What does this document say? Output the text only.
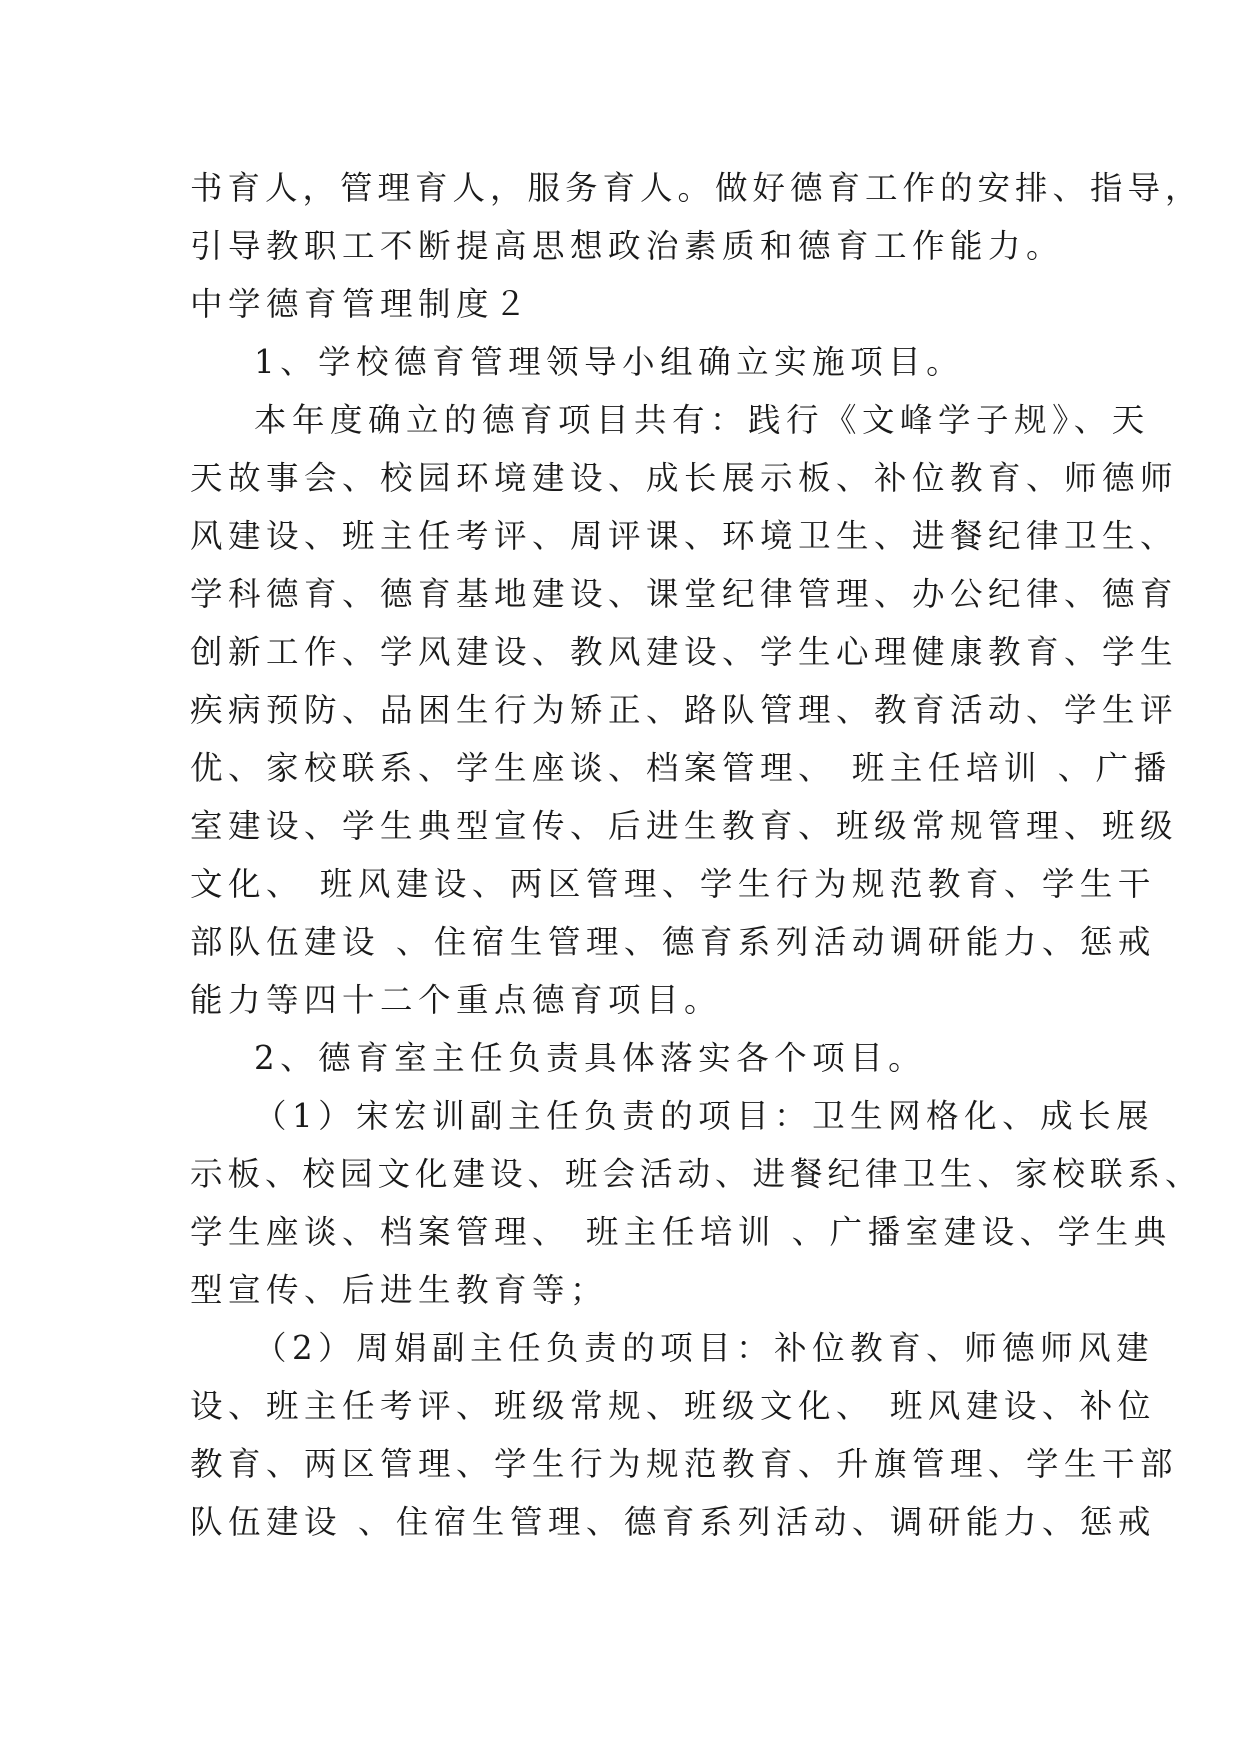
书育人，管理育人，服务育人。做好德育工作的安排、指导，
引导教职工不断提高思想政治素质和德育工作能力。
中学德育管理制度２
1、学校德育管理领导小组确立实施项目。
本年度确立的德育项目共有：践行《文峰学子规》、天
天故事会、校园环境建设、成长展示板、补位教育、师德师
风建设、班主任考评、周评课、环境卫生、进餐纪律卫生、
学科德育、德育基地建设、课堂纪律管理、办公纪律、德育
创新工作、学风建设、教风建设、学生心理健康教育、学生
疾病预防、品困生行为矫正、路队管理、教育活动、学生评
优、家校联系、学生座谈、档案管理、 班主任培训 、广播
室建设、学生典型宣传、后进生教育、班级常规管理、班级
文化、 班风建设、两区管理、学生行为规范教育、学生干
部队伍建设 、住宿生管理、德育系列活动调研能力、惩戒
能力等四十二个重点德育项目。
2、德育室主任负责具体落实各个项目。
（1）宋宏训副主任负责的项目：卫生网格化、成长展
示板、校园文化建设、班会活动、进餐纪律卫生、家校联系、
学生座谈、档案管理、 班主任培训 、广播室建设、学生典
型宣传、后进生教育等；
（2）周娟副主任负责的项目：补位教育、师德师风建
设、班主任考评、班级常规、班级文化、 班风建设、补位
教育、两区管理、学生行为规范教育、升旗管理、学生干部
队伍建设 、住宿生管理、德育系列活动、调研能力、惩戒
